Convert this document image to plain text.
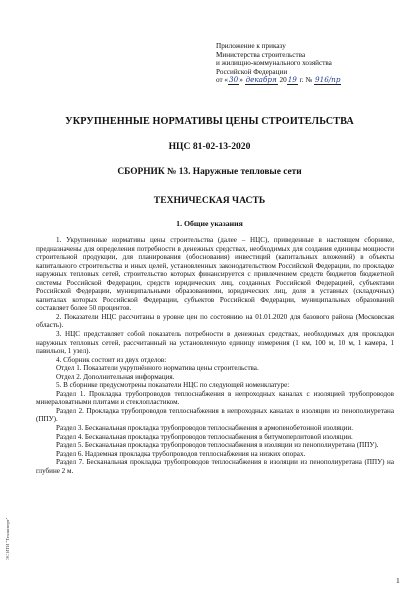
Приложение к приказу
Министерства строительства
и жилищно-коммунального хозяйства
Российской Федерации
от «30» декабря 2019 г. № 916/пр
УКРУПНЕННЫЕ НОРМАТИВЫ ЦЕНЫ СТРОИТЕЛЬСТВА
НЦС 81-02-13-2020
СБОРНИК № 13. Наружные тепловые сети
ТЕХНИЧЕСКАЯ ЧАСТЬ
1. Общие указания

1. Укрупненные нормативы цены строительства (далее – НЦС), приведенные в настоящем сборнике, предназначены для определения потребности в денежных средствах, необходимых для создания единицы мощности строительной продукции, для планирования (обоснования) инвестиций (капитальных вложений) в объекты капитального строительства и иных целей, установленных законодательством Российской Федерации, по прокладке наружных тепловых сетей, строительство которых финансируется с привлечением средств бюджетов бюджетной системы Российской Федерации, средств юридических лиц, созданных Российской Федерацией, субъектами Российской Федерации, муниципальными образованиями, юридических лиц, доля в уставных (складочных) капиталах которых Российской Федерации, субъектов Российской Федерации, муниципальных образований составляет более 50 процентов.

2. Показатели НЦС рассчитаны в уровне цен по состоянию на 01.01.2020 для базового района (Московская область).

3. НЦС представляет собой показатель потребности в денежных средствах, необходимых для прокладки наружных тепловых сетей, рассчитанный на установленную единицу измерения (1 км, 100 м, 10 м, 1 камера, 1 павильон, 1 узел).

4. Сборник состоит из двух отделов:

Отдел 1. Показатели укрупнённого норматива цены строительства.

Отдел 2. Дополнительная информация.

5. В сборнике предусмотрены показатели НЦС по следующей номенклатуре:

Раздел 1. Прокладка трубопроводов теплоснабжения в непроходных каналах с изоляцией трубопроводов минераловатными плитами и стеклопластиком.

Раздел 2. Прокладка трубопроводов теплоснабжения в непроходных каналах в изоляции из пенополиуретана (ППУ).

Раздел 3. Бесканальная прокладка трубопроводов теплоснабжения в армопенобетонной изоляции.

Раздел 4. Бесканальная прокладка трубопроводов теплоснабжения в битумоперлитовой изоляции.

Раздел 5. Бесканальная прокладка трубопроводов теплоснабжения в изоляции из пенополиуретана (ППУ).

Раздел 6. Надземная прокладка трубопроводов теплоснабжения на низких опорах.

Раздел 7. Бесканальная прокладка трубопроводов теплоснабжения в изоляции из пенополиуретана (ППУ) на глубине 2 м.

ЭС ИТИ "Техэксперт"
1
